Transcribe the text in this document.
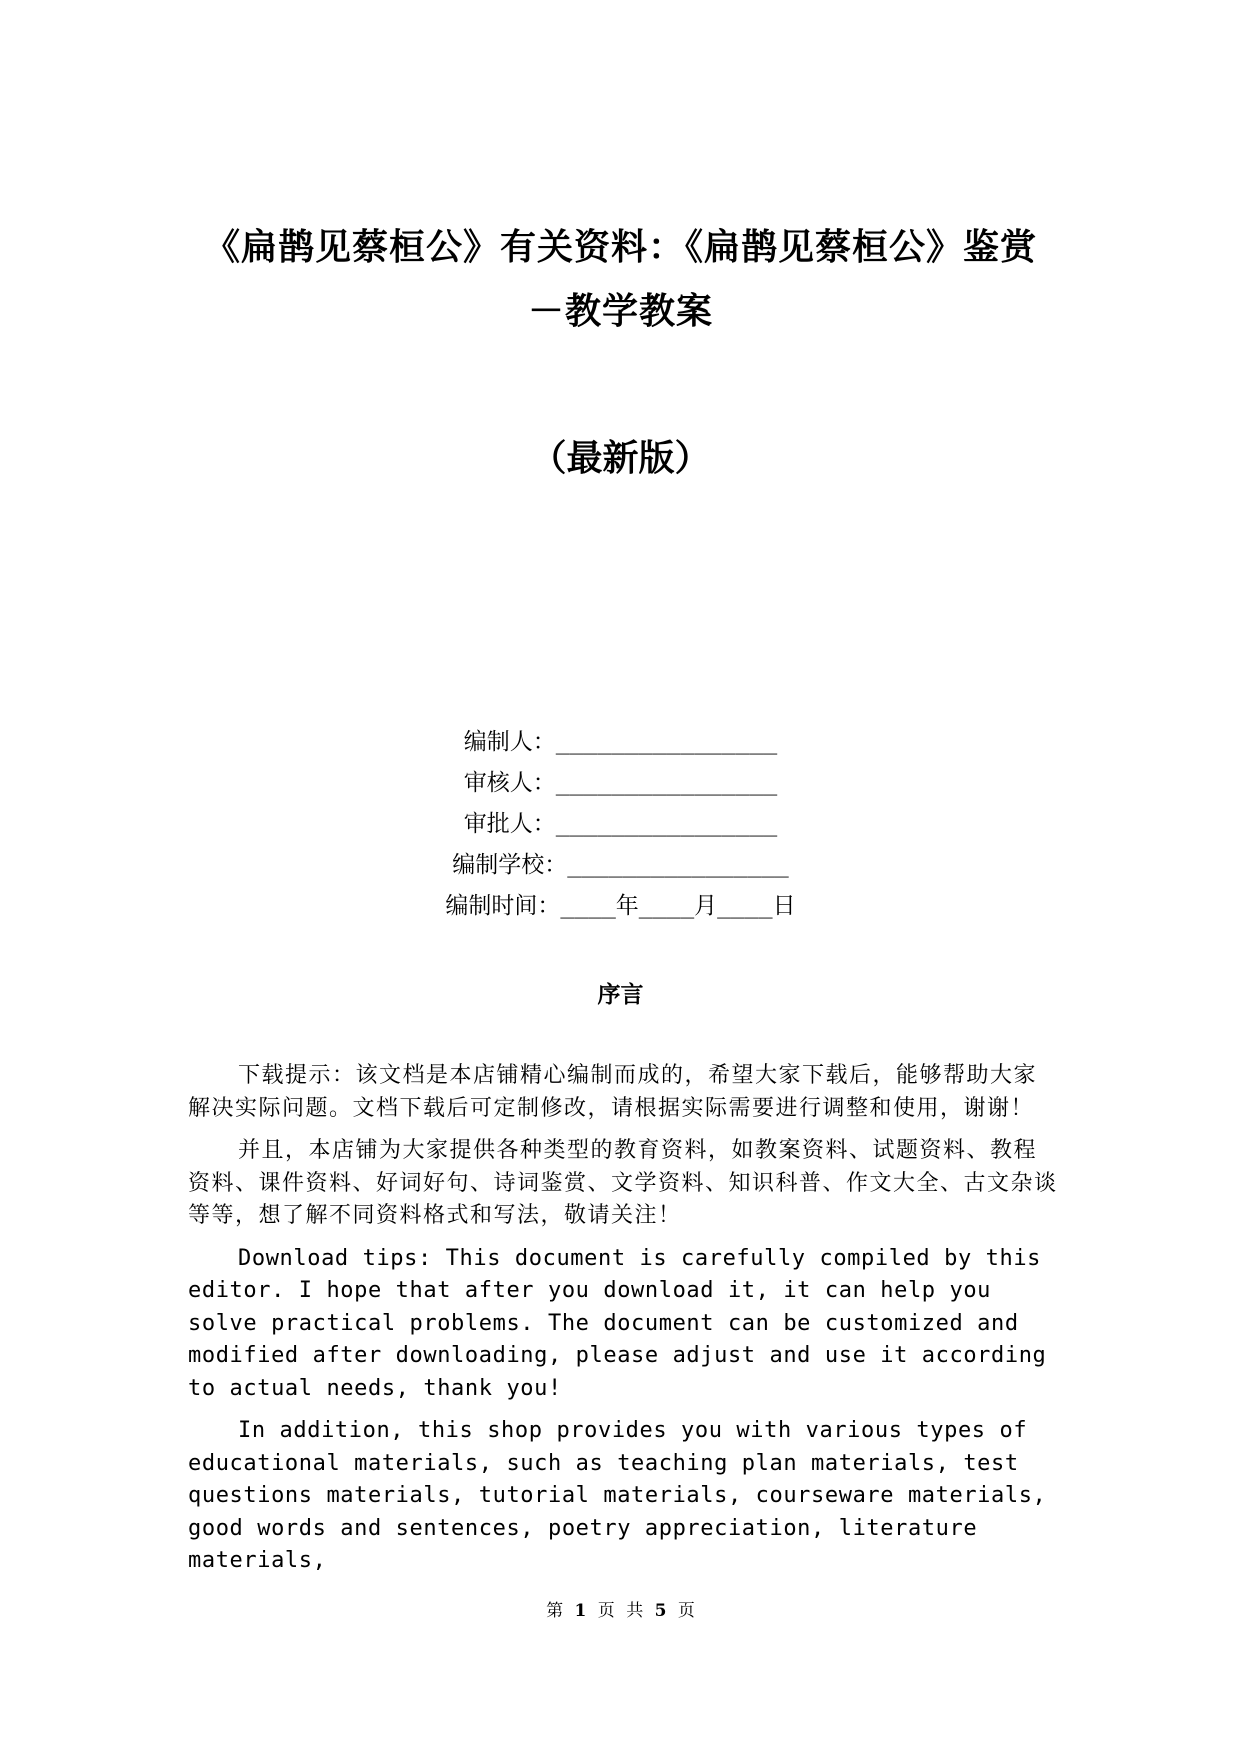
《扁鹊见蔡桓公》有关资料：《扁鹊见蔡桓公》鉴赏
－教学教案
（最新版）
编制人： ________________
审核人： ________________
审批人： ________________
编制学校： ________________
编制时间： ____年____月____日
序言

下载提示：该文档是本店铺精心编制而成的，希望大家下载后，能够帮助大家解决实际问题。文档下载后可定制修改，请根据实际需要进行调整和使用，谢谢！

并且，本店铺为大家提供各种类型的教育资料，如教案资料、试题资料、教程资料、课件资料、好词好句、诗词鉴赏、文学资料、知识科普、作文大全、古文杂谈等等，想了解不同资料格式和写法，敬请关注！

Download tips: This document is carefully compiled by this editor. I hope that after you download it, it can help you solve practical problems. The document can be customized and modified after downloading, please adjust and use it according to actual needs, thank you!

In addition, this shop provides you with various types of educational materials, such as teaching plan materials, test questions materials, tutorial materials, courseware materials, good words and sentences, poetry appreciation, literature materials,

第 1 页 共 5 页
